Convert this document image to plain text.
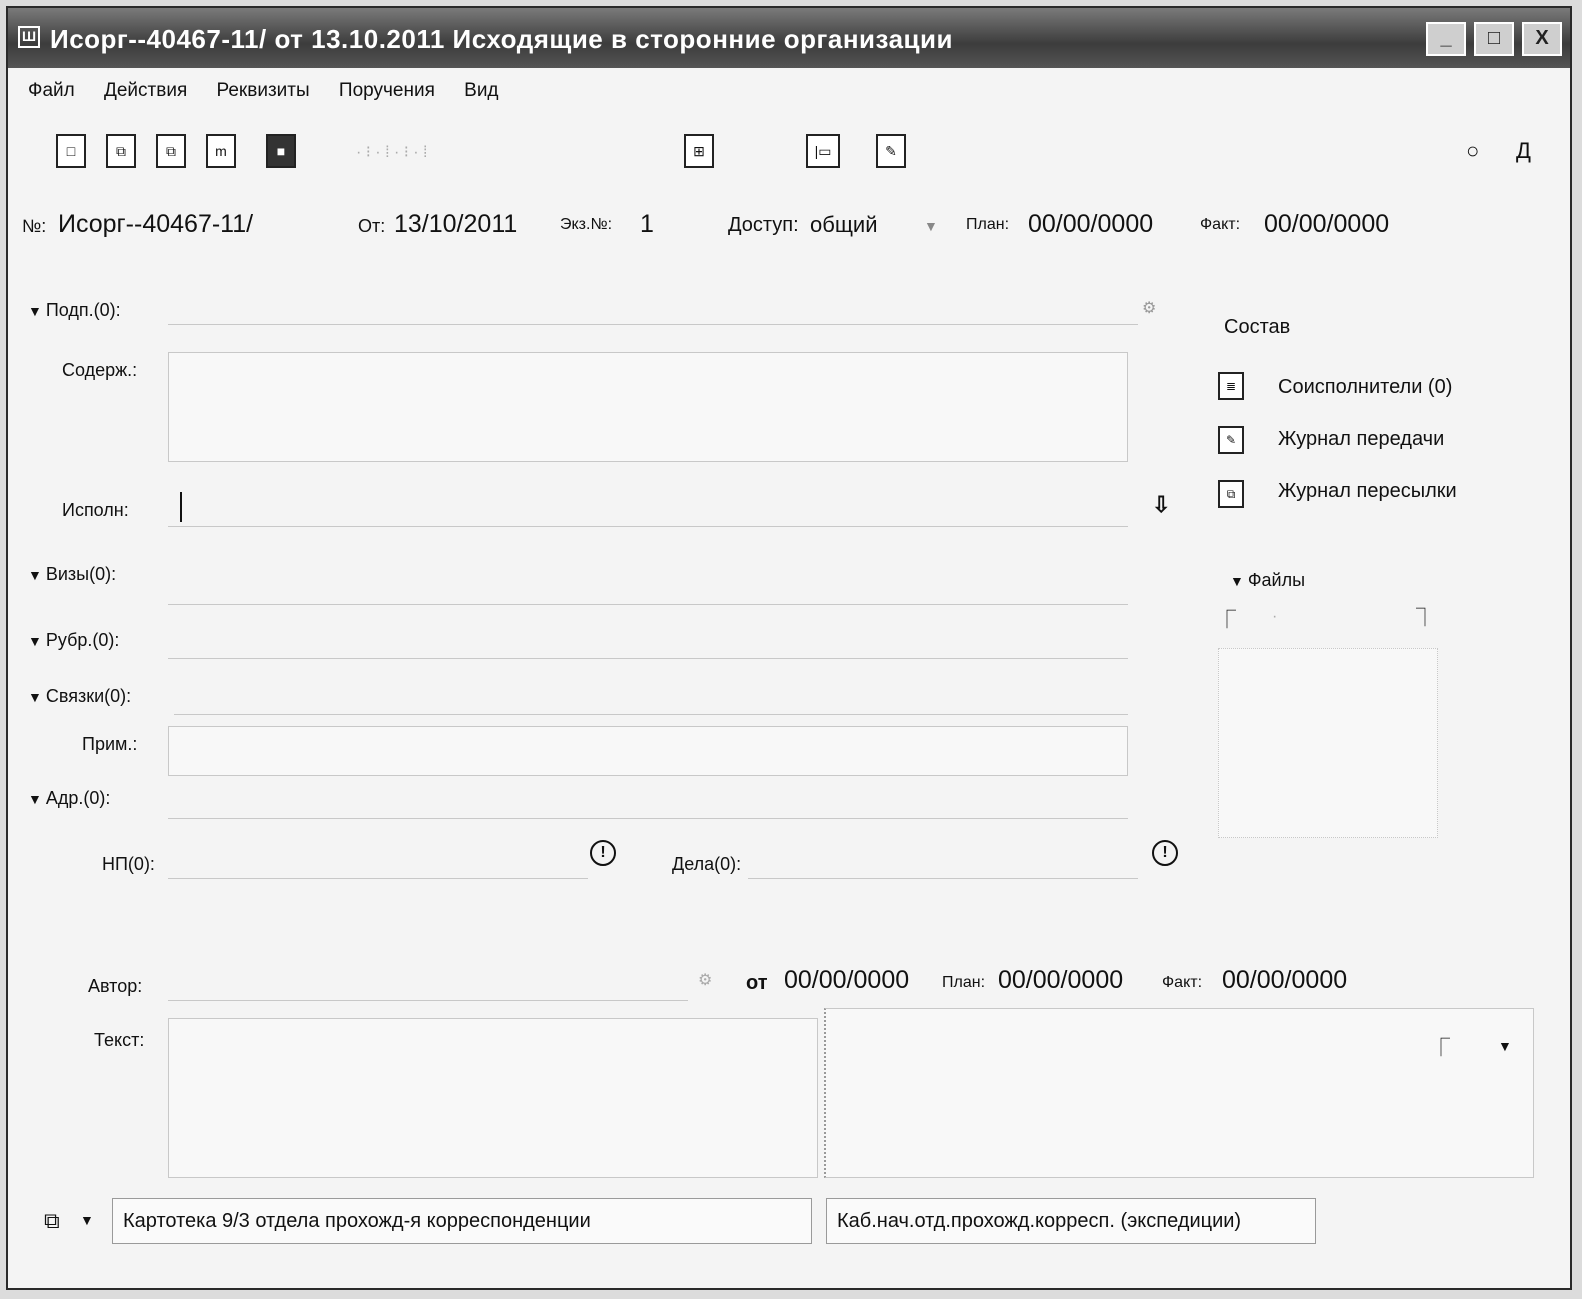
Ш Исорг--40467-11/ от 13.10.2011 Исходящие в сторонние организации	_	□	X
Файл Действия Реквизиты Поручения Вид
□	⧉	⧉	m	■	· ⁝ · ⁞ · ⁝ · ⁞	⊞	|▭	✎	○ Д
№: Исорг--40467-11/	От: 13/10/2011	Экз.№: 1	Доступ: общий	▼ План: 00/00/0000	Факт: 00/00/0000
▼ Подп.(0):	⚙
Содерж.:
Исполн:	⇩
▼ Визы(0):
▼ Рубр.(0):
▼ Связки(0):
Прим.:
▼ Адр.(0):
НП(0):
!
Дела(0):
!
Автор:	⚙ от 00/00/0000 План: 00/00/0000 Факт: 00/00/0000
Текст:	⎾	▼
Состав
≣	Соисполнители (0)
✎	Журнал передачи
⧉	Журнал пересылки
▼ Файлы
⎾ ·	⏋
⧉ ▼	Картотека 9/3 отдела прохожд-я корреспонденции	Каб.нач.отд.прохожд.корресп. (экспедиции)
